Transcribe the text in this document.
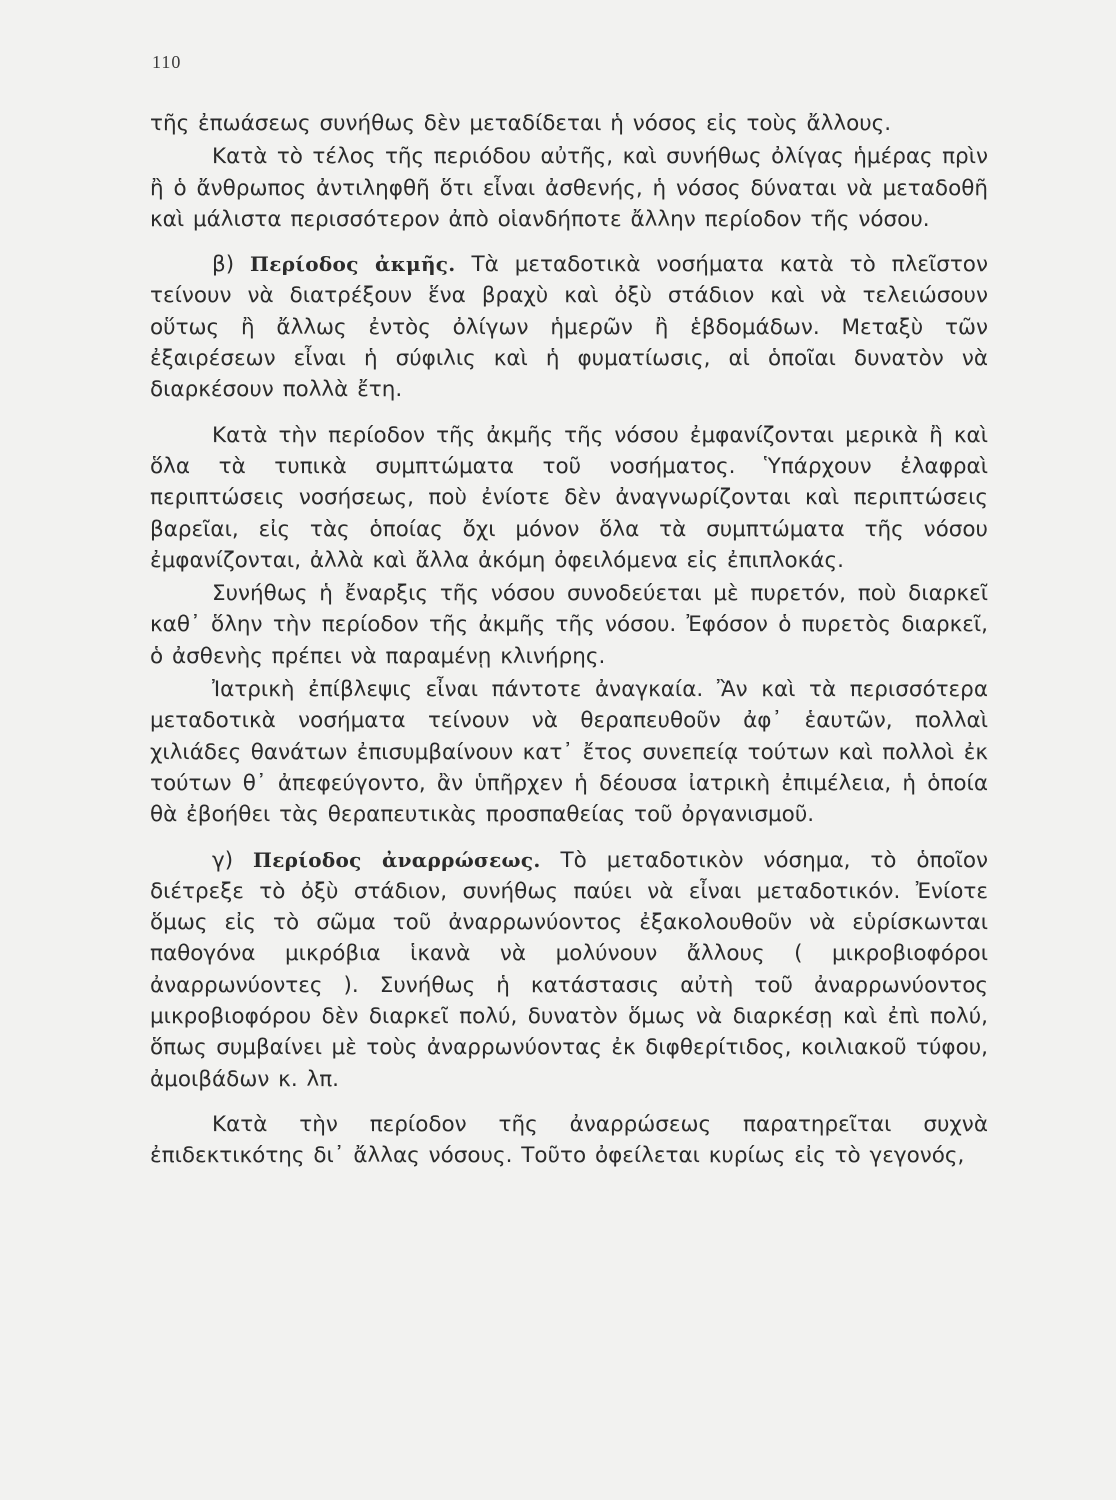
110

τῆς ἐπωάσεως συνήθως δὲν μεταδίδεται ἡ νόσος εἰς τοὺς ἄλλους.

Κατὰ τὸ τέλος τῆς περιόδου αὐτῆς, καὶ συνήθως ὀλίγας ἡμέρας πρὶν ἢ ὁ ἄνθρωπος ἀντιληφθῆ ὅτι εἶναι ἀσθενής, ἡ νόσος δύναται νὰ μεταδοθῆ καὶ μάλιστα περισσότερον ἀπὸ οἱανδήποτε ἄλλην περίοδον τῆς νόσου.

β) Περίοδος ἀκμῆς. Τὰ μεταδοτικὰ νοσήματα κατὰ τὸ πλεῖστον τείνουν νὰ διατρέξουν ἕνα βραχὺ καὶ ὀξὺ στάδιον καὶ νὰ τελειώσουν οὕτως ἢ ἄλλως ἐντὸς ὀλίγων ἡμερῶν ἢ ἑβδομάδων. Μεταξὺ τῶν ἐξαιρέσεων εἶναι ἡ σύφιλις καὶ ἡ φυματίωσις, αἱ ὁποῖαι δυνατὸν νὰ διαρκέσουν πολλὰ ἔτη.

Κατὰ τὴν περίοδον τῆς ἀκμῆς τῆς νόσου ἐμφανίζονται μερικὰ ἢ καὶ ὅλα τὰ τυπικὰ συμπτώματα τοῦ νοσήματος. Ὑπάρχουν ἐλαφραὶ περιπτώσεις νοσήσεως, ποὺ ἐνίοτε δὲν ἀναγνωρίζονται καὶ περιπτώσεις βαρεῖαι, εἰς τὰς ὁποίας ὄχι μόνον ὅλα τὰ συμπτώματα τῆς νόσου ἐμφανίζονται, ἀλλὰ καὶ ἄλλα ἀκόμη ὀφειλόμενα εἰς ἐπιπλοκάς.

Συνήθως ἡ ἔναρξις τῆς νόσου συνοδεύεται μὲ πυρετόν, ποὺ διαρκεῖ καθ᾽ ὅλην τὴν περίοδον τῆς ἀκμῆς τῆς νόσου. Ἐφόσον ὁ πυρετὸς διαρκεῖ, ὁ ἀσθενὴς πρέπει νὰ παραμένῃ κλινήρης.

Ἰατρικὴ ἐπίβλεψις εἶναι πάντοτε ἀναγκαία. Ἂν καὶ τὰ περισσότερα μεταδοτικὰ νοσήματα τείνουν νὰ θεραπευθοῦν ἀφ᾽ ἑαυτῶν, πολλαὶ χιλιάδες θανάτων ἐπισυμβαίνουν κατ᾽ ἔτος συνεπείᾳ τούτων καὶ πολλοὶ ἐκ τούτων θ᾽ ἀπεφεύγοντο, ἂν ὑπῆρχεν ἡ δέουσα ἰατρικὴ ἐπιμέλεια, ἡ ὁποία θὰ ἐβοήθει τὰς θεραπευτικὰς προσπαθείας τοῦ ὀργανισμοῦ.

γ) Περίοδος ἀναρρώσεως. Τὸ μεταδοτικὸν νόσημα, τὸ ὁποῖον διέτρεξε τὸ ὀξὺ στάδιον, συνήθως παύει νὰ εἶναι μεταδοτικόν. Ἐνίοτε ὅμως εἰς τὸ σῶμα τοῦ ἀναρρωνύοντος ἐξακολουθοῦν νὰ εὑρίσκωνται παθογόνα μικρόβια ἱκανὰ νὰ μολύνουν ἄλλους ( μικροβιοφόροι ἀναρρωνύοντες ). Συνήθως ἡ κατάστασις αὐτὴ τοῦ ἀναρρωνύοντος μικροβιοφόρου δὲν διαρκεῖ πολύ, δυνατὸν ὅμως νὰ διαρκέσῃ καὶ ἐπὶ πολύ, ὅπως συμβαίνει μὲ τοὺς ἀναρρωνύοντας ἐκ διφθερίτιδος, κοιλιακοῦ τύφου, ἀμοιβάδων κ. λπ.

Κατὰ τὴν περίοδον τῆς ἀναρρώσεως παρατηρεῖται συχνὰ ἐπιδεκτικότης δι᾽ ἄλλας νόσους. Τοῦτο ὀφείλεται κυρίως εἰς τὸ γεγονός,
